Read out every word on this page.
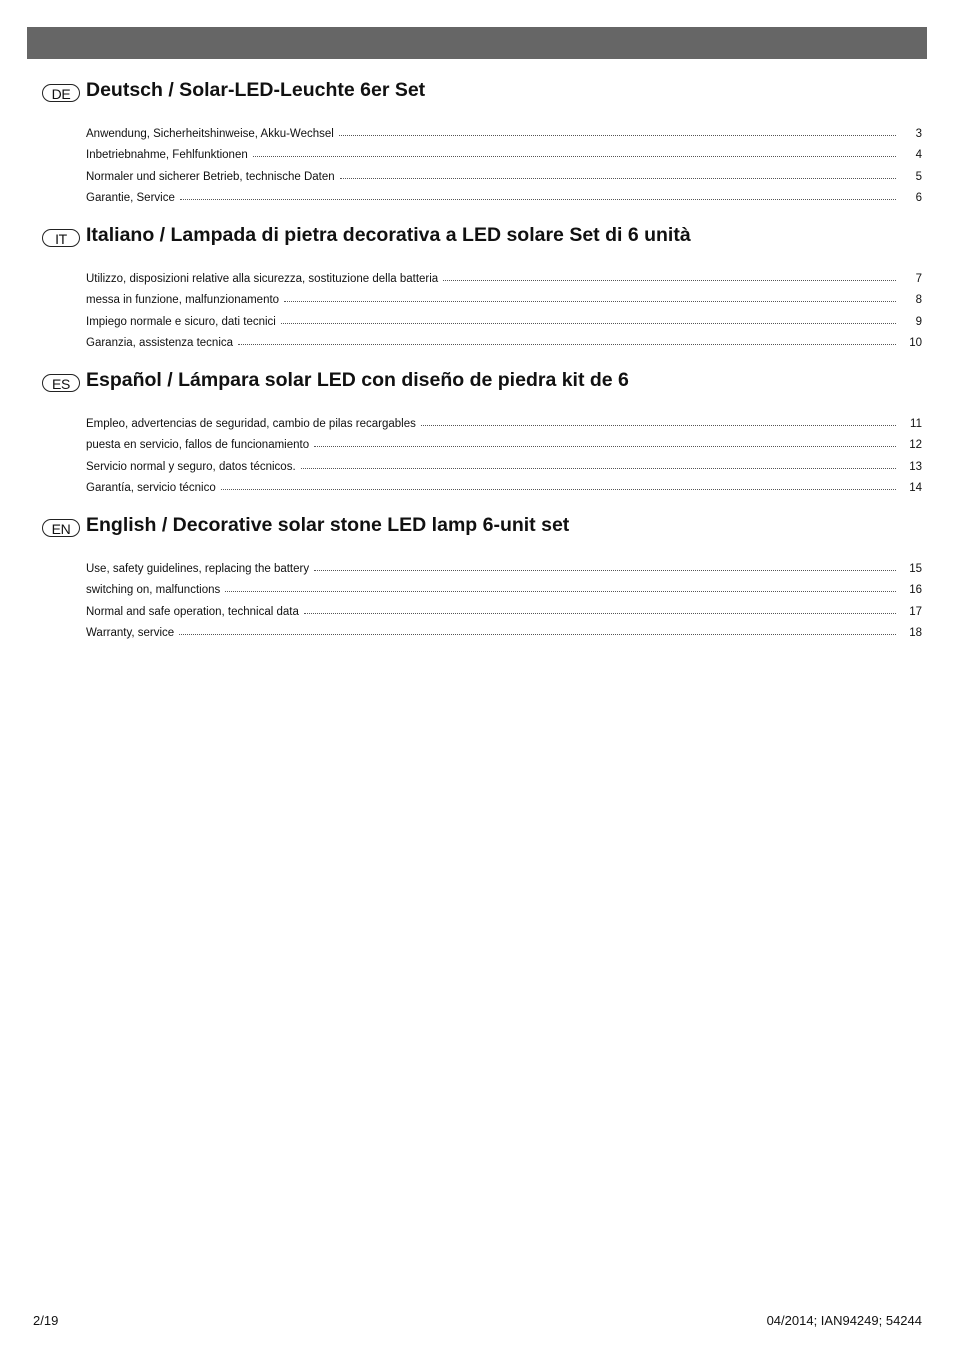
DE Deutsch / Solar-LED-Leuchte 6er Set
Anwendung, Sicherheitshinweise, Akku-Wechsel	3
Inbetriebnahme, Fehlfunktionen	4
Normaler und sicherer Betrieb, technische Daten	5
Garantie, Service	6
IT Italiano / Lampada di pietra decorativa a LED solare Set di 6 unità
Utilizzo, disposizioni relative alla sicurezza, sostituzione della batteria	7
messa in funzione, malfunzionamento	8
Impiego normale e sicuro, dati tecnici	9
Garanzia, assistenza tecnica	10
ES Español / Lámpara solar LED con diseño de piedra kit de 6
Empleo, advertencias de seguridad, cambio de pilas recargables	11
puesta en servicio, fallos de funcionamiento	12
Servicio normal y seguro, datos técnicos.	13
Garantía, servicio técnico	14
EN English / Decorative solar stone LED lamp 6-unit set
Use, safety guidelines, replacing the battery	15
switching on, malfunctions	16
Normal and safe operation, technical data	17
Warranty, service	18
2/19	04/2014; IAN94249; 54244
